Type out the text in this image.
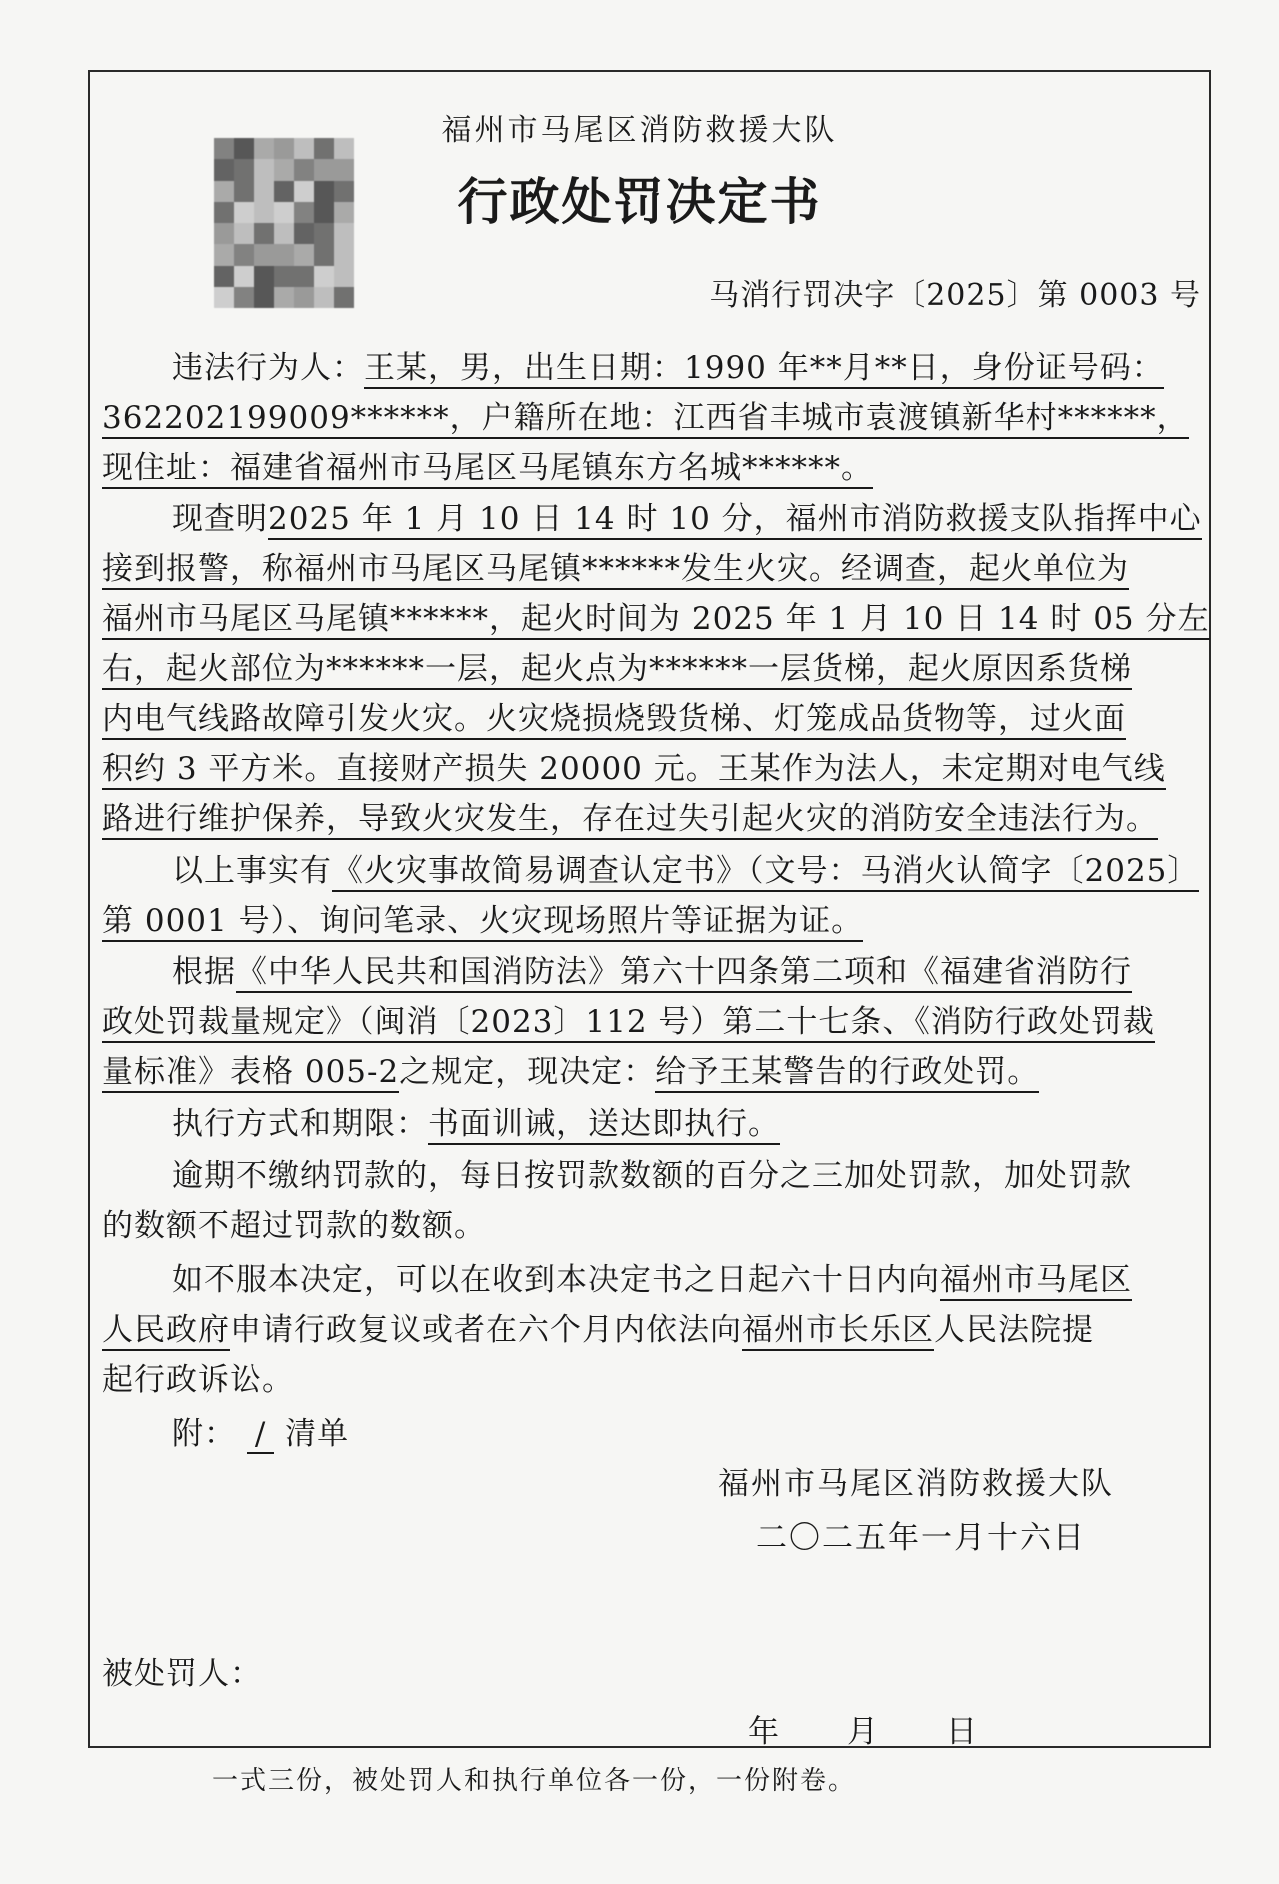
福州市马尾区消防救援大队
行政处罚决定书
马消行罚决字〔2025〕第 0003 号
违法行为人：王某，男，出生日期：1990 年**月**日，身份证号码：
362202199009******，户籍所在地：江西省丰城市袁渡镇新华村******，
现住址：福建省福州市马尾区马尾镇东方名城******。
现查明2025 年 1 月 10 日 14 时 10 分，福州市消防救援支队指挥中心
接到报警，称福州市马尾区马尾镇******发生火灾。经调查，起火单位为
福州市马尾区马尾镇******，起火时间为 2025 年 1 月 10 日 14 时 05 分左
右，起火部位为******一层，起火点为******一层货梯，起火原因系货梯
内电气线路故障引发火灾。火灾烧损烧毁货梯、灯笼成品货物等，过火面
积约 3 平方米。直接财产损失 20000 元。王某作为法人，未定期对电气线
路进行维护保养，导致火灾发生，存在过失引起火灾的消防安全违法行为。
以上事实有《火灾事故简易调查认定书》（文号：马消火认简字〔2025〕
第 0001 号）、询问笔录、火灾现场照片等证据为证。
根据《中华人民共和国消防法》第六十四条第二项和《福建省消防行
政处罚裁量规定》（闽消〔2023〕112 号）第二十七条、《消防行政处罚裁
量标准》表格 005-2之规定，现决定：给予王某警告的行政处罚。
执行方式和期限：书面训诫，送达即执行。
逾期不缴纳罚款的，每日按罚款数额的百分之三加处罚款，加处罚款
的数额不超过罚款的数额。
如不服本决定，可以在收到本决定书之日起六十日内向福州市马尾区
人民政府申请行政复议或者在六个月内依法向福州市长乐区人民法院提
起行政诉讼。
附： / 清单
福州市马尾区消防救援大队
二〇二五年一月十六日
被处罚人：
年　　月　　日
一式三份，被处罚人和执行单位各一份，一份附卷。
